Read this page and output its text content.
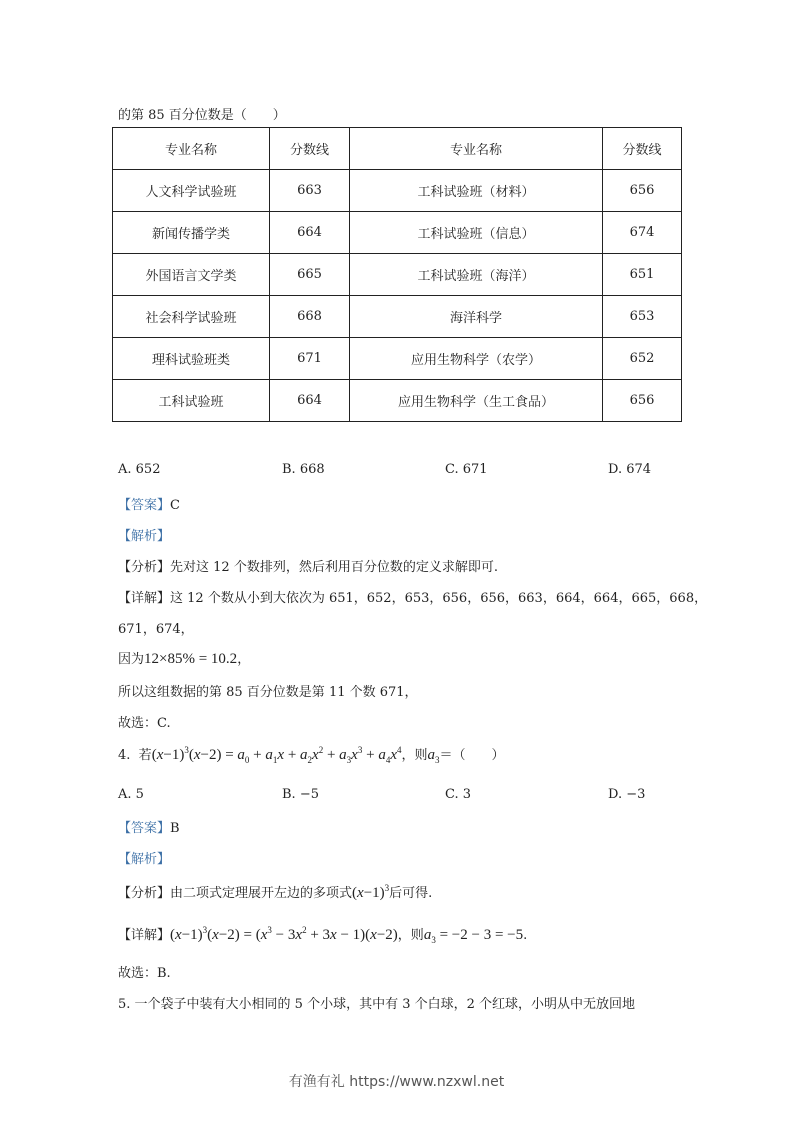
的第 85 百分位数是（　　）
专业名称	分数线	专业名称	分数线
人文科学试验班	663	工科试验班（材料）	656
新闻传播学类	664	工科试验班（信息）	674
外国语言文学类	665	工科试验班（海洋）	651
社会科学试验班	668	海洋科学	653
理科试验班类	671	应用生物科学（农学）	652
工科试验班	664	应用生物科学（生工食品）	656
A. 652	B. 668	C. 671	D. 674
【答案】C
【解析】
【分析】先对这 12 个数排列，然后利用百分位数的定义求解即可.
【详解】这 12 个数从小到大依次为 651，652，653，656，656，663，664，664，665，668，
671，674，
因为12×85% = 10.2，
所以这组数据的第 85 百分位数是第 11 个数 671，
故选：C.
4. 若$(x-1)^3(x-2) = a_0 + a_1x + a_2x^2 + a_3x^3 + a_4x^4$，则$a_3=$（　　）
A. 5	B. −5	C. 3	D. −3
【答案】B
【解析】
【分析】由二项式定理展开左边的多项式$(x-1)^3$后可得.
【详解】$(x-1)^3(x-2) = (x^3 - 3x^2 + 3x - 1)(x-2)$，则$a_3 = -2 - 3 = -5$.
故选：B.
5. 一个袋子中装有大小相同的 5 个小球，其中有 3 个白球，2 个红球，小明从中无放回地
有渔有礼 https://www.nzxwl.net
